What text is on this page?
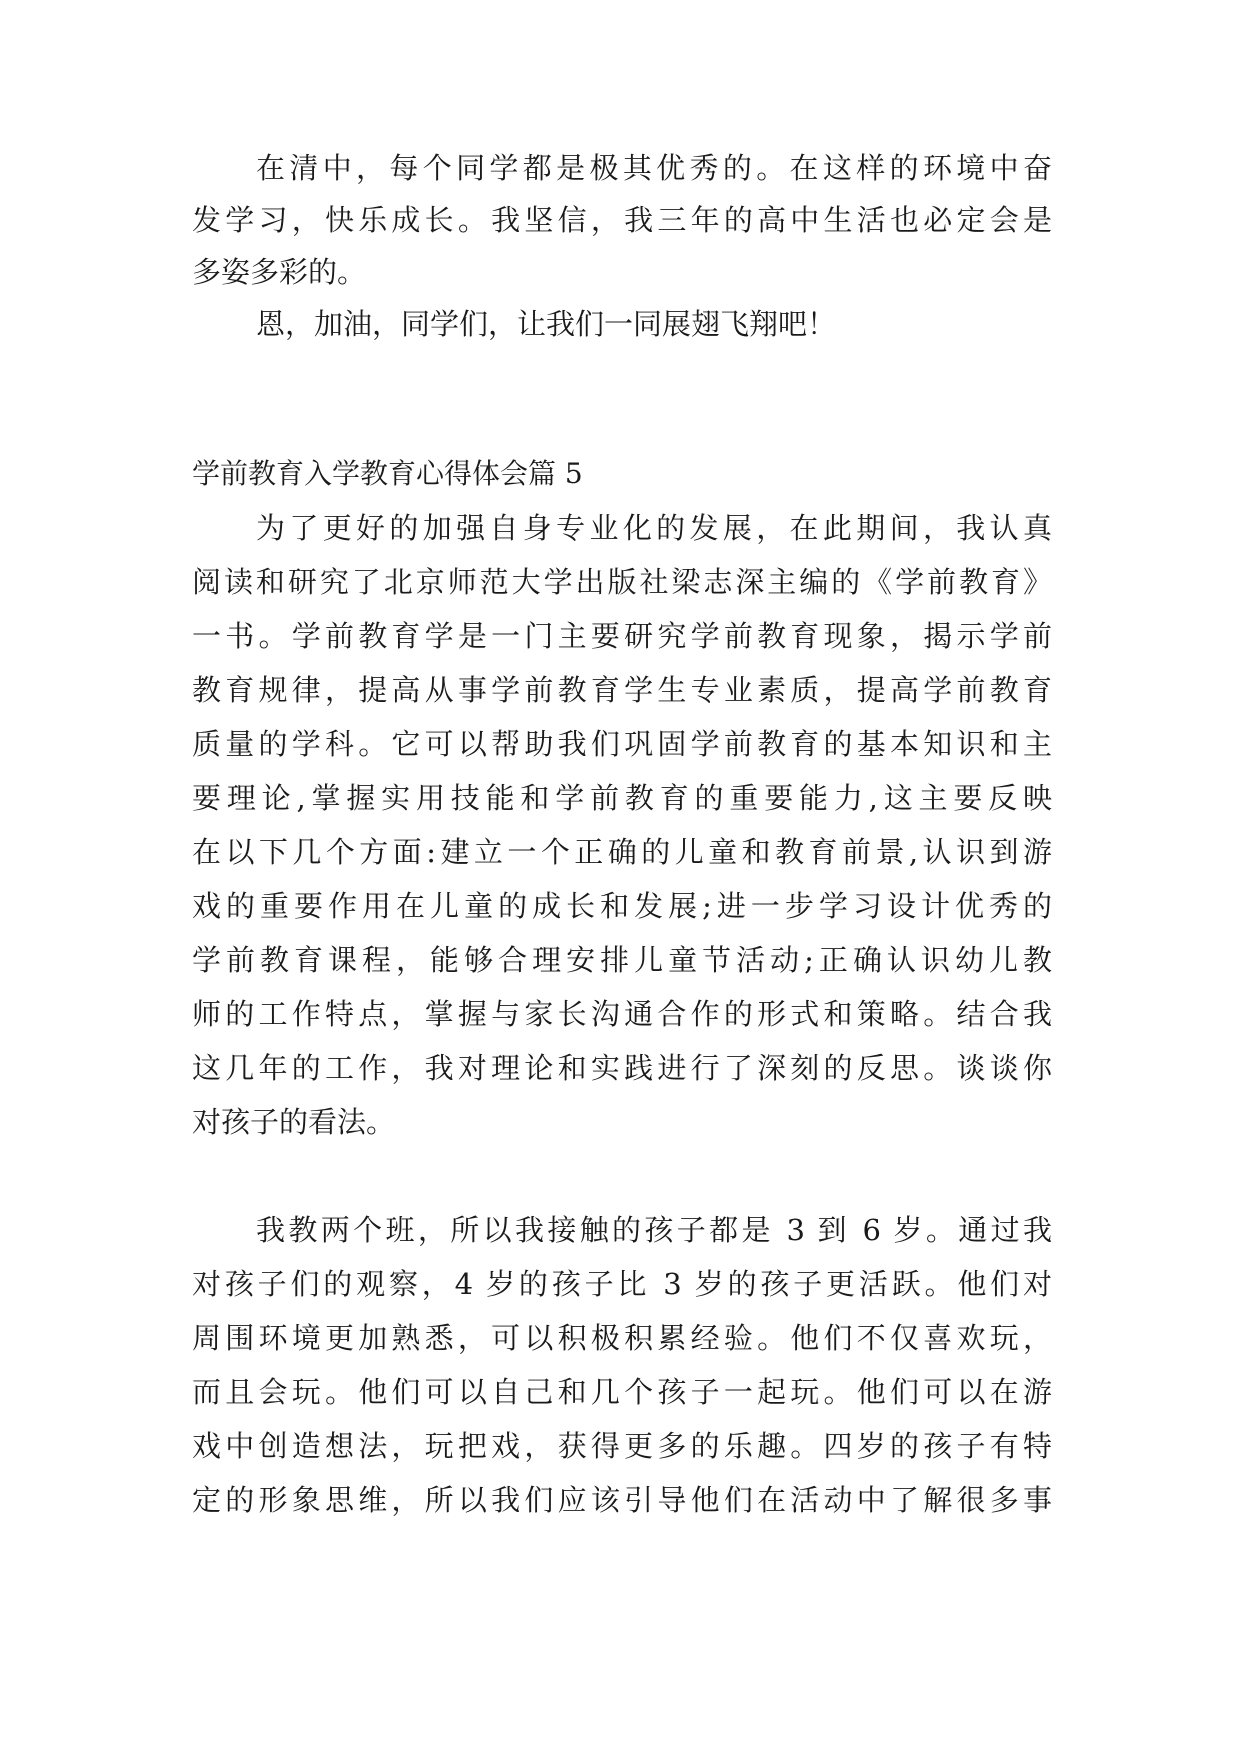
在清中，每个同学都是极其优秀的。在这样的环境中奋
发学习，快乐成长。我坚信，我三年的高中生活也必定会是
多姿多彩的。
恩，加油，同学们，让我们一同展翅飞翔吧！
学前教育入学教育心得体会篇 5
为了更好的加强自身专业化的发展，在此期间，我认真
阅读和研究了北京师范大学出版社梁志深主编的《学前教育》
一书。学前教育学是一门主要研究学前教育现象，揭示学前
教育规律，提高从事学前教育学生专业素质，提高学前教育
质量的学科。它可以帮助我们巩固学前教育的基本知识和主
要理论,掌握实用技能和学前教育的重要能力,这主要反映
在以下几个方面:建立一个正确的儿童和教育前景,认识到游
戏的重要作用在儿童的成长和发展;进一步学习设计优秀的
学前教育课程，能够合理安排儿童节活动;正确认识幼儿教
师的工作特点，掌握与家长沟通合作的形式和策略。结合我
这几年的工作，我对理论和实践进行了深刻的反思。谈谈你
对孩子的看法。
我教两个班，所以我接触的孩子都是 3 到 6 岁。通过我
对孩子们的观察，4 岁的孩子比 3 岁的孩子更活跃。他们对
周围环境更加熟悉，可以积极积累经验。他们不仅喜欢玩，
而且会玩。他们可以自己和几个孩子一起玩。他们可以在游
戏中创造想法，玩把戏，获得更多的乐趣。四岁的孩子有特
定的形象思维，所以我们应该引导他们在活动中了解很多事
